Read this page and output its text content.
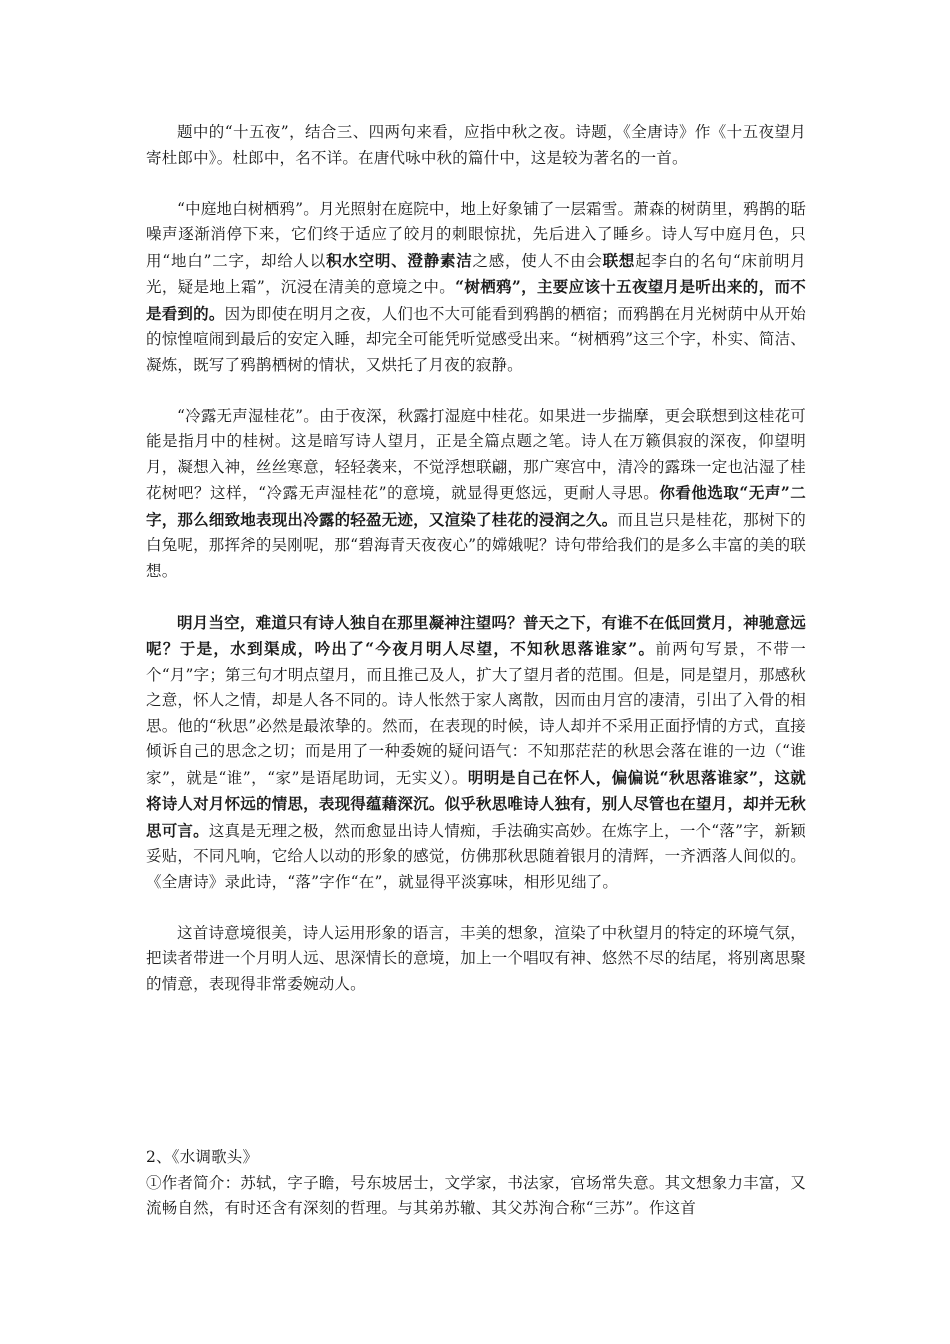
题中的“十五夜”，结合三、四两句来看，应指中秋之夜。诗题，《全唐诗》作《十五夜望月寄杜郎中》。杜郎中，名不详。在唐代咏中秋的篇什中，这是较为著名的一首。

“中庭地白树栖鸦”。月光照射在庭院中，地上好象铺了一层霜雪。萧森的树荫里，鸦鹊的聒噪声逐渐消停下来，它们终于适应了皎月的刺眼惊扰，先后进入了睡乡。诗人写中庭月色，只用“地白”二字，却给人以积水空明、澄静素洁之感，使人不由会联想起李白的名句“床前明月光，疑是地上霜”，沉浸在清美的意境之中。“树栖鸦”，主要应该十五夜望月是听出来的，而不是看到的。因为即使在明月之夜，人们也不大可能看到鸦鹊的栖宿；而鸦鹊在月光树荫中从开始的惊惶喧闹到最后的安定入睡，却完全可能凭听觉感受出来。“树栖鸦”这三个字，朴实、简洁、凝炼，既写了鸦鹊栖树的情状，又烘托了月夜的寂静。

“冷露无声湿桂花”。由于夜深，秋露打湿庭中桂花。如果进一步揣摩，更会联想到这桂花可能是指月中的桂树。这是暗写诗人望月，正是全篇点题之笔。诗人在万籁俱寂的深夜，仰望明月，凝想入神，丝丝寒意，轻轻袭来，不觉浮想联翩，那广寒宫中，清冷的露珠一定也沾湿了桂花树吧？这样，“冷露无声湿桂花”的意境，就显得更悠远，更耐人寻思。你看他选取“无声”二字，那么细致地表现出冷露的轻盈无迹，又渲染了桂花的浸润之久。而且岂只是桂花，那树下的白兔呢，那挥斧的吴刚呢，那“碧海青天夜夜心”的嫦娥呢？诗句带给我们的是多么丰富的美的联想。

明月当空，难道只有诗人独自在那里凝神注望吗？普天之下，有谁不在低回赏月，神驰意远呢？于是，水到渠成，吟出了“今夜月明人尽望，不知秋思落谁家”。前两句写景，不带一个“月”字；第三句才明点望月，而且推己及人，扩大了望月者的范围。但是，同是望月，那感秋之意，怀人之情，却是人各不同的。诗人怅然于家人离散，因而由月宫的凄清，引出了入骨的相思。他的“秋思”必然是最浓挚的。然而，在表现的时候，诗人却并不采用正面抒情的方式，直接倾诉自己的思念之切；而是用了一种委婉的疑问语气：不知那茫茫的秋思会落在谁的一边（“谁家”，就是“谁”，“家”是语尾助词，无实义）。明明是自己在怀人，偏偏说“秋思落谁家”，这就将诗人对月怀远的情思，表现得蕴藉深沉。似乎秋思唯诗人独有，别人尽管也在望月，却并无秋思可言。这真是无理之极，然而愈显出诗人情痴，手法确实高妙。在炼字上，一个“落”字，新颖妥贴，不同凡响，它给人以动的形象的感觉，仿佛那秋思随着银月的清辉，一齐洒落人间似的。《全唐诗》录此诗，“落”字作“在”，就显得平淡寡味，相形见绌了。

这首诗意境很美，诗人运用形象的语言，丰美的想象，渲染了中秋望月的特定的环境气氛，把读者带进一个月明人远、思深情长的意境，加上一个唱叹有神、悠然不尽的结尾，将别离思聚的情意，表现得非常委婉动人。

2、《水调歌头》

①作者简介：苏轼，字子瞻，号东坡居士，文学家，书法家，官场常失意。其文想象力丰富，又流畅自然，有时还含有深刻的哲理。与其弟苏辙、其父苏洵合称“三苏”。作这首
